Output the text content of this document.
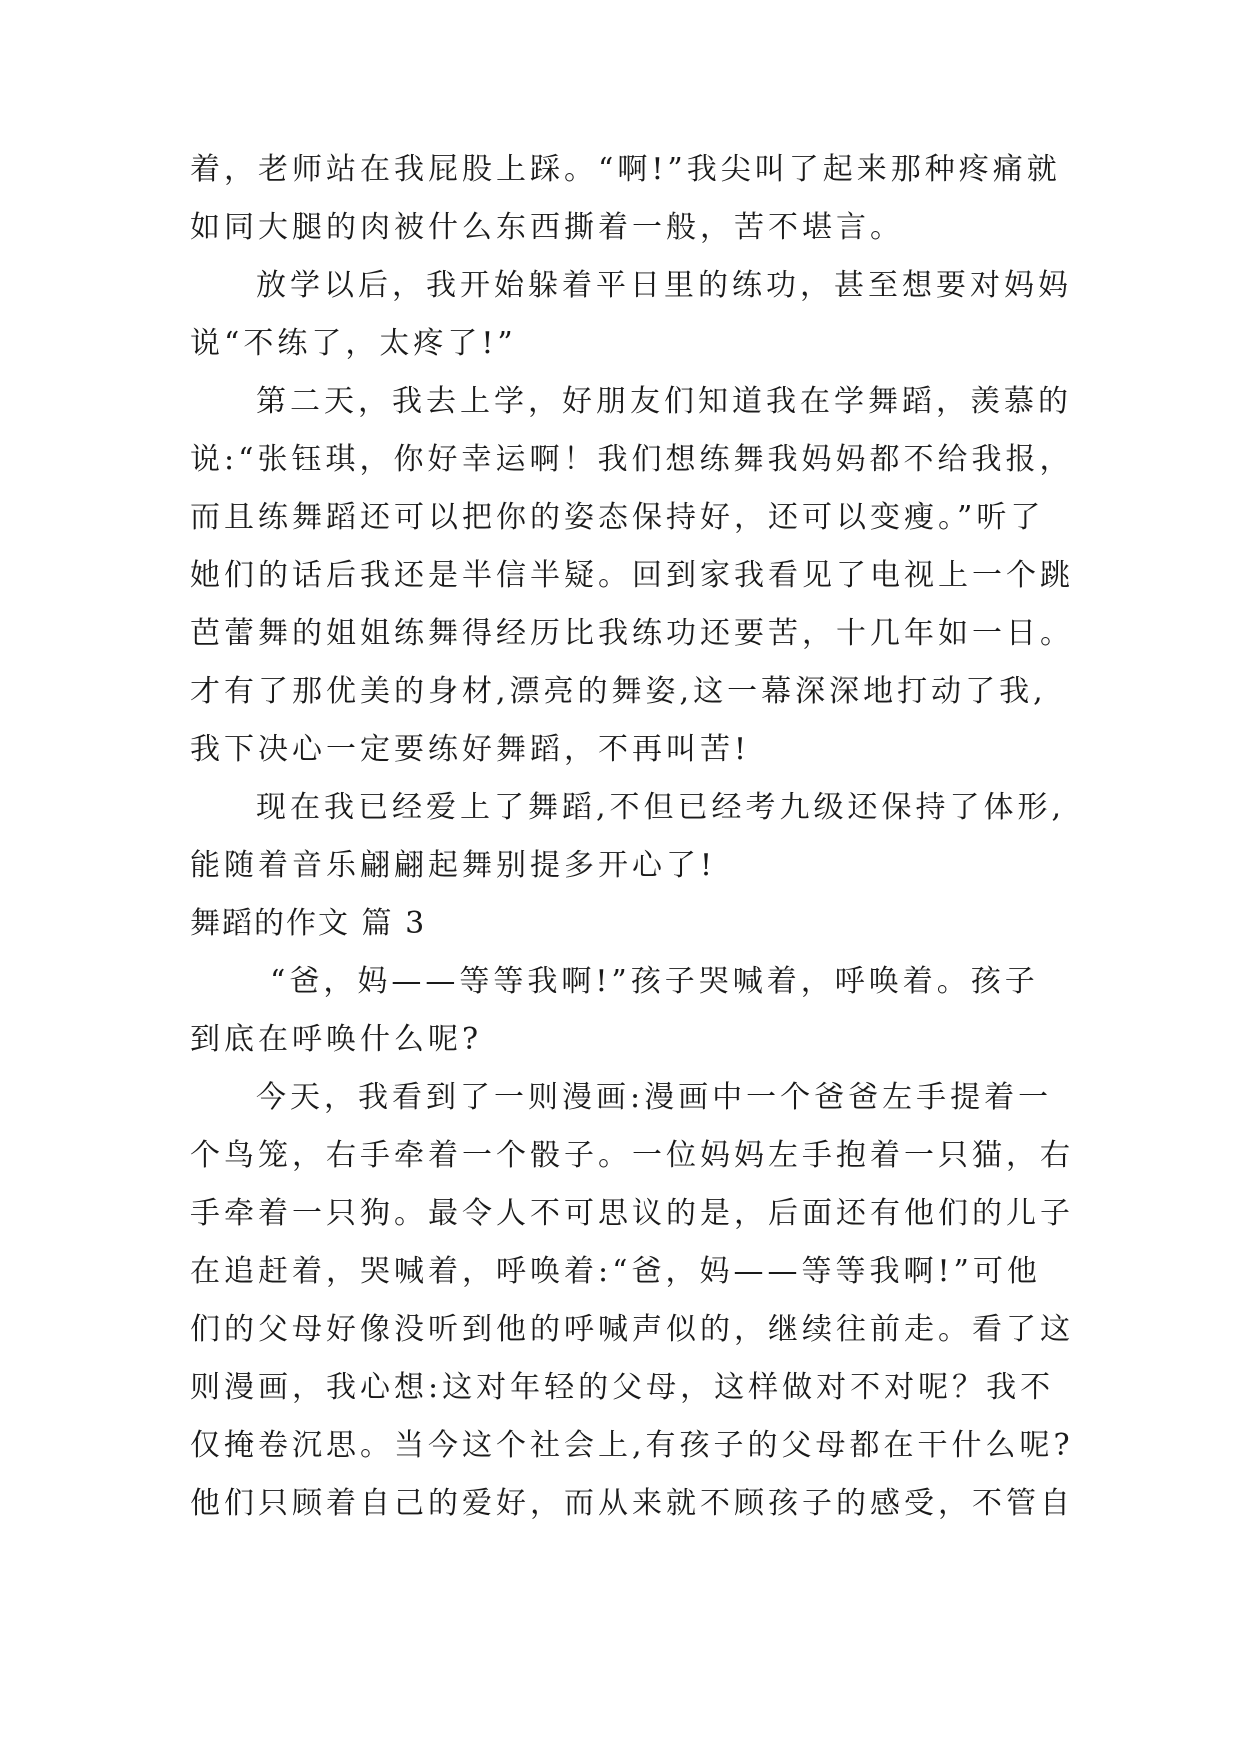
着，老师站在我屁股上踩。“啊!”我尖叫了起来那种疼痛就
如同大腿的肉被什么东西撕着一般，苦不堪言。
放学以后，我开始躲着平日里的练功，甚至想要对妈妈
说“不练了，太疼了!”
第二天，我去上学，好朋友们知道我在学舞蹈，羡慕的
说:“张钰琪，你好幸运啊！我们想练舞我妈妈都不给我报，
而且练舞蹈还可以把你的姿态保持好，还可以变瘦。”听了
她们的话后我还是半信半疑。回到家我看见了电视上一个跳
芭蕾舞的姐姐练舞得经历比我练功还要苦，十几年如一日。
才有了那优美的身材,漂亮的舞姿,这一幕深深地打动了我,
我下决心一定要练好舞蹈，不再叫苦!
现在我已经爱上了舞蹈,不但已经考九级还保持了体形,
能随着音乐翩翩起舞别提多开心了!
舞蹈的作文 篇 3
“爸，妈——等等我啊!”孩子哭喊着，呼唤着。孩子
到底在呼唤什么呢?
今天，我看到了一则漫画:漫画中一个爸爸左手提着一
个鸟笼，右手牵着一个骰子。一位妈妈左手抱着一只猫，右
手牵着一只狗。最令人不可思议的是，后面还有他们的儿子
在追赶着，哭喊着，呼唤着:“爸，妈——等等我啊!”可他
们的父母好像没听到他的呼喊声似的，继续往前走。看了这
则漫画，我心想:这对年轻的父母，这样做对不对呢？我不
仅掩卷沉思。当今这个社会上,有孩子的父母都在干什么呢?
他们只顾着自己的爱好，而从来就不顾孩子的感受，不管自
